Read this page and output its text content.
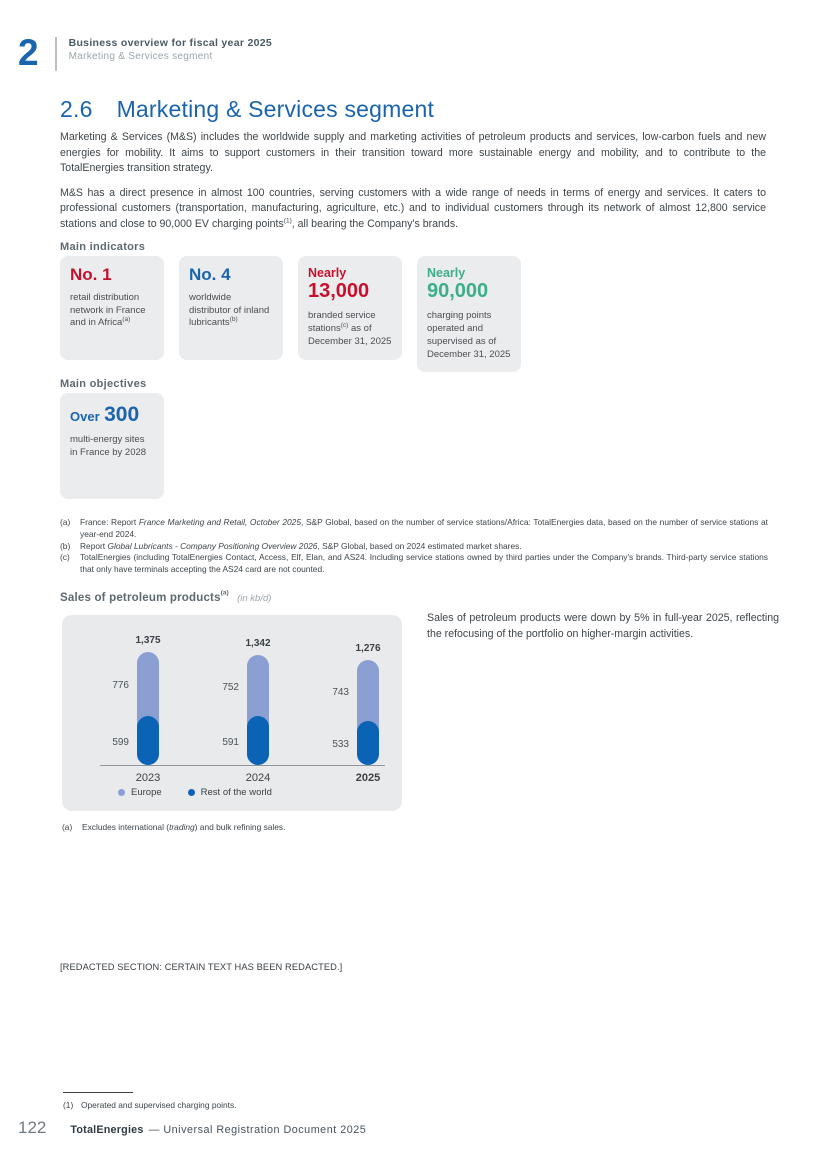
2	Business overview for fiscal year 2025
Marketing & Services segment
2.6 Marketing & Services segment

Marketing & Services (M&S) includes the worldwide supply and marketing activities of petroleum products and services, low-carbon fuels and new energies for mobility. It aims to support customers in their transition toward more sustainable energy and mobility, and to contribute to the TotalEnergies transition strategy.

M&S has a direct presence in almost 100 countries, serving customers with a wide range of needs in terms of energy and services. It caters to professional customers (transportation, manufacturing, agriculture, etc.) and to individual customers through its network of almost 12,800 service stations and close to 90,000 EV charging points$^{(1)}$, all bearing the Company's brands.

Main indicators
No. 1
retail distribution network in France and in Africa$^{(a)}$
No. 4
worldwide distributor of inland lubricants$^{(b)}$
Nearly
13,000
branded service stations$^{(c)}$ as of December 31, 2025
Nearly
90,000
charging points operated and supervised as of December 31, 2025
Main objectives
Over 300
multi-energy sites in France by 2028
(a)	France: Report France Marketing and Retail, October 2025, S&P Global, based on the number of service stations/Africa: TotalEnergies data, based on the number of service stations at year-end 2024.
(b)	Report Global Lubricants - Company Positioning Overview 2026, S&P Global, based on 2024 estimated market shares.
(c)	TotalEnergies (including TotalEnergies Contact, Access, Elf, Elan, and AS24. Including service stations owned by third parties under the Company's brands. Third-party service stations that only have terminals accepting the AS24 card are not counted.
Sales of petroleum products$^{(a)}$ (in kb/d)
1,375
776
599
2023
1,342
752
591
2024
1,276
743
533
2025
Europe	Rest of the world
Sales of petroleum products were down by 5% in full-year 2025, reflecting the refocusing of the portfolio on higher-margin activities.
(a)	Excludes international (trading) and bulk refining sales.
[REDACTED SECTION: CERTAIN TEXT HAS BEEN REDACTED.]
(1) Operated and supervised charging points.
122 TotalEnergies — Universal Registration Document 2025
